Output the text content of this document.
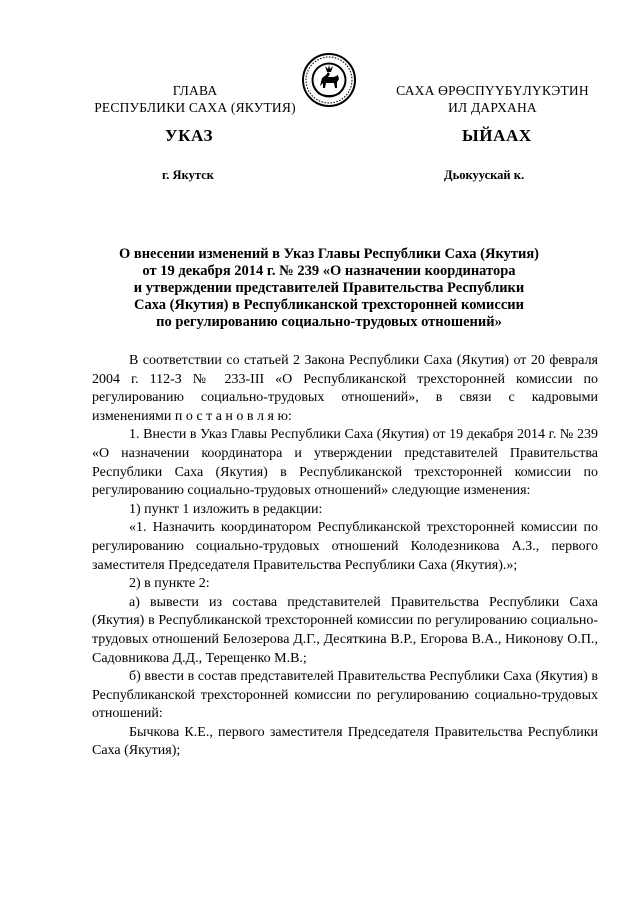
ГЛАВА
РЕСПУБЛИКИ САХА (ЯКУТИЯ)
САХА ӨРӨСПҮҮБҮЛҮКЭТИН
ИЛ ДАРХАНА
УКАЗ	ЫЙААХ
г. Якутск	Дьокуускай к.
О внесении изменений в Указ Главы Республики Саха (Якутия)
от 19 декабря 2014 г. № 239 «О назначении координатора
и утверждении представителей Правительства Республики
Саха (Якутия) в Республиканской трехсторонней комиссии
по регулированию социально-трудовых отношений»

В соответствии со статьей 2 Закона Республики Саха (Якутия) от 20 февраля 2004 г. 112-З № 233-III «О Республиканской трехсторонней комиссии по регулированию социально-трудовых отношений», в связи с кадровыми изменениями п о с т а н о в л я ю:

1. Внести в Указ Главы Республики Саха (Якутия) от 19 декабря 2014 г. № 239 «О назначении координатора и утверждении представителей Правительства Республики Саха (Якутия) в Республиканской трехсторонней комиссии по регулированию социально-трудовых отношений» следующие изменения:

1) пункт 1 изложить в редакции:

«1. Назначить координатором Республиканской трехсторонней комиссии по регулированию социально-трудовых отношений Колодезникова А.З., первого заместителя Председателя Правительства Республики Саха (Якутия).»;

2) в пункте 2:

а) вывести из состава представителей Правительства Республики Саха (Якутия) в Республиканской трехсторонней комиссии по регулированию социально-трудовых отношений Белозерова Д.Г., Десяткина В.Р., Егорова В.А., Никонову О.П., Садовникова Д.Д., Терещенко М.В.;

б) ввести в состав представителей Правительства Республики Саха (Якутия) в Республиканской трехсторонней комиссии по регулированию социально-трудовых отношений:

Бычкова К.Е., первого заместителя Председателя Правительства Республики Саха (Якутия);
